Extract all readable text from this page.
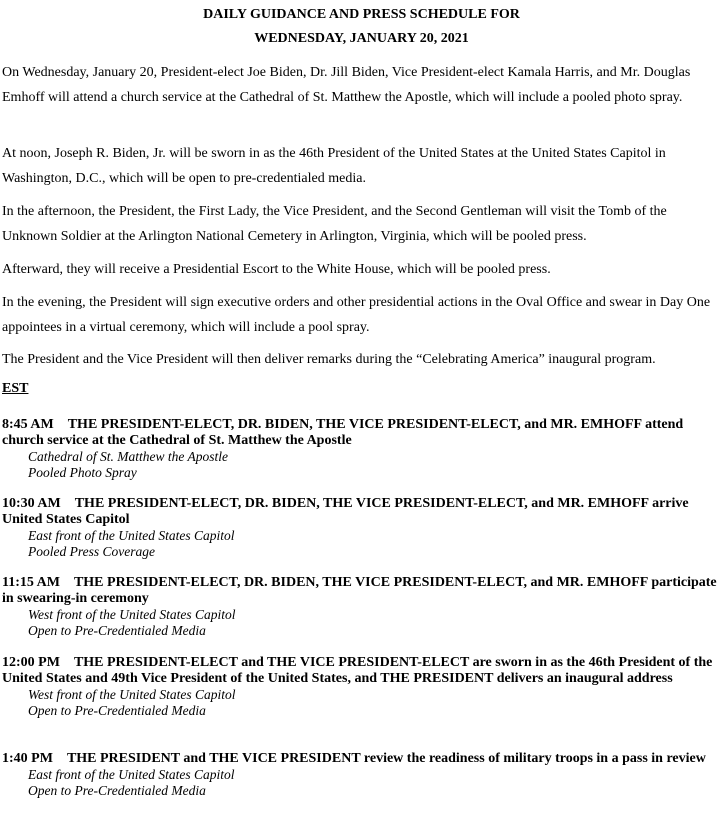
DAILY GUIDANCE AND PRESS SCHEDULE FOR

WEDNESDAY, JANUARY 20, 2021

On Wednesday, January 20, President-elect Joe Biden, Dr. Jill Biden, Vice President-elect Kamala Harris, and Mr. Douglas Emhoff will attend a church service at the Cathedral of St. Matthew the Apostle, which will include a pooled photo spray.

At noon, Joseph R. Biden, Jr. will be sworn in as the 46th President of the United States at the United States Capitol in Washington, D.C., which will be open to pre-credentialed media.

In the afternoon, the President, the First Lady, the Vice President, and the Second Gentleman will visit the Tomb of the Unknown Soldier at the Arlington National Cemetery in Arlington, Virginia, which will be pooled press.

Afterward, they will receive a Presidential Escort to the White House, which will be pooled press.

In the evening, the President will sign executive orders and other presidential actions in the Oval Office and swear in Day One appointees in a virtual ceremony, which will include a pool spray.

The President and the Vice President will then deliver remarks during the “Celebrating America” inaugural program.

EST

8:45 AM THE PRESIDENT-ELECT, DR. BIDEN, THE VICE PRESIDENT-ELECT, and MR. EMHOFF attend church service at the Cathedral of St. Matthew the Apostle

Cathedral of St. Matthew the Apostle

Pooled Photo Spray

10:30 AM THE PRESIDENT-ELECT, DR. BIDEN, THE VICE PRESIDENT-ELECT, and MR. EMHOFF arrive United States Capitol

East front of the United States Capitol

Pooled Press Coverage

11:15 AM THE PRESIDENT-ELECT, DR. BIDEN, THE VICE PRESIDENT-ELECT, and MR. EMHOFF participate in swearing-in ceremony

West front of the United States Capitol

Open to Pre-Credentialed Media

12:00 PM THE PRESIDENT-ELECT and THE VICE PRESIDENT-ELECT are sworn in as the 46th President of the United States and 49th Vice President of the United States, and THE PRESIDENT delivers an inaugural address

West front of the United States Capitol

Open to Pre-Credentialed Media

1:40 PM THE PRESIDENT and THE VICE PRESIDENT review the readiness of military troops in a pass in review

East front of the United States Capitol

Open to Pre-Credentialed Media
